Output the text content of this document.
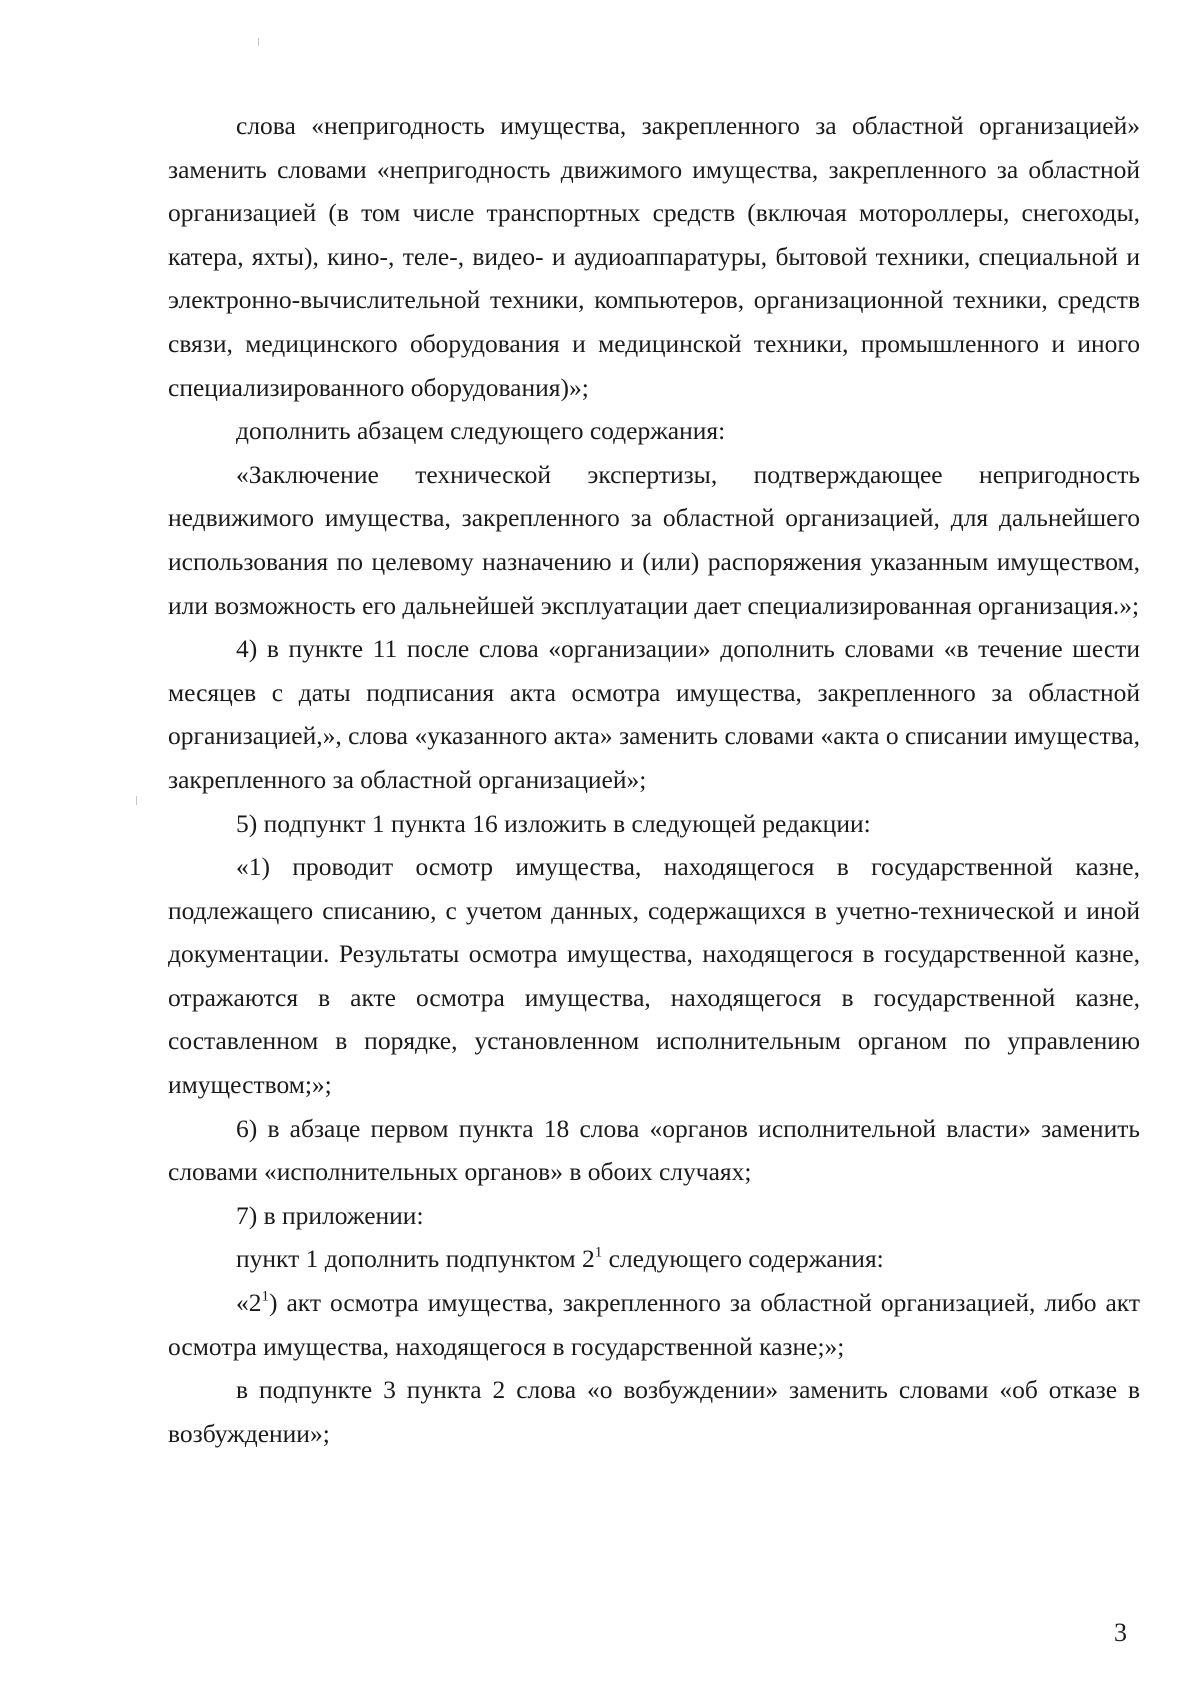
слова «непригодность имущества, закрепленного за областной организацией» заменить словами «непригодность движимого имущества, закрепленного за областной организацией (в том числе транспортных средств (включая мотороллеры, снегоходы, катера, яхты), кино-, теле-, видео- и аудиоаппаратуры, бытовой техники, специальной и электронно-вычислительной техники, компьютеров, организационной техники, средств связи, медицинского оборудования и медицинской техники, промышленного и иного специализированного оборудования)»;

дополнить абзацем следующего содержания:

«Заключение технической экспертизы, подтверждающее непригодность недвижимого имущества, закрепленного за областной организацией, для дальнейшего использования по целевому назначению и (или) распоряжения указанным имуществом, или возможность его дальнейшей эксплуатации дает специализированная организация.»;

4) в пункте 11 после слова «организации» дополнить словами «в течение шести месяцев с даты подписания акта осмотра имущества, закрепленного за областной организацией,», слова «указанного акта» заменить словами «акта о списании имущества, закрепленного за областной организацией»;

5) подпункт 1 пункта 16 изложить в следующей редакции:

«1) проводит осмотр имущества, находящегося в государственной казне, подлежащего списанию, с учетом данных, содержащихся в учетно-технической и иной документации. Результаты осмотра имущества, находящегося в государственной казне, отражаются в акте осмотра имущества, находящегося в государственной казне, составленном в порядке, установленном исполнительным органом по управлению имуществом;»;

6) в абзаце первом пункта 18 слова «органов исполнительной власти» заменить словами «исполнительных органов» в обоих случаях;

7) в приложении:

пункт 1 дополнить подпунктом $2^1$ следующего содержания:

«$2^1$) акт осмотра имущества, закрепленного за областной организацией, либо акт осмотра имущества, находящегося в государственной казне;»;

в подпункте 3 пункта 2 слова «о возбуждении» заменить словами «об отказе в возбуждении»;

3
